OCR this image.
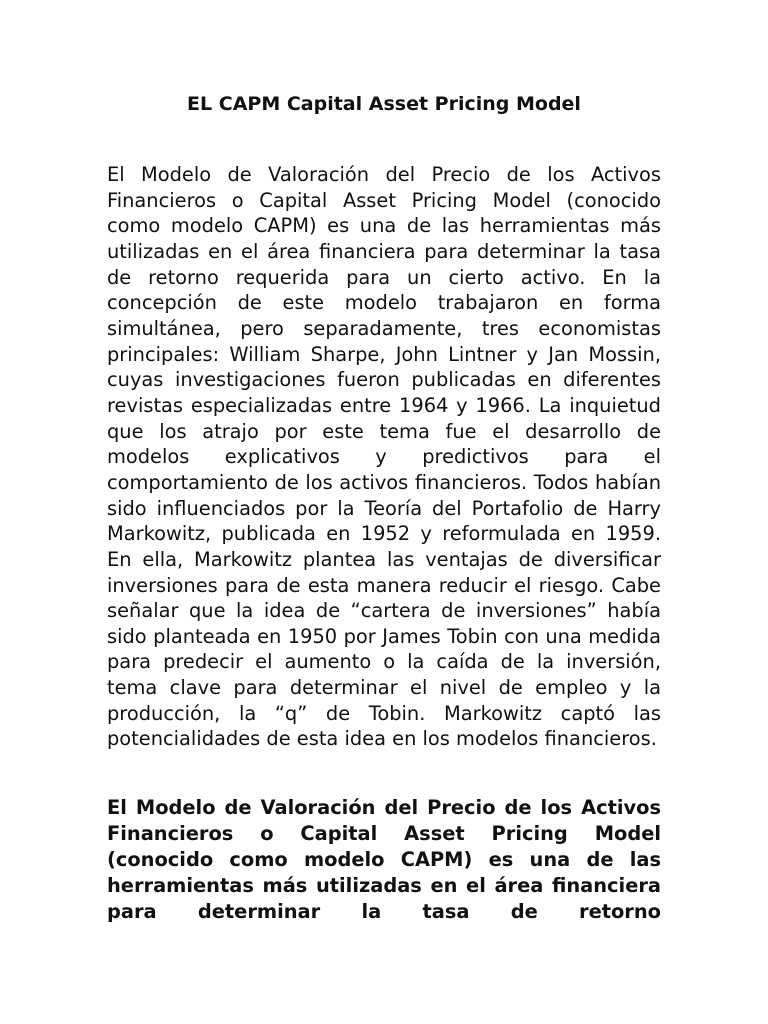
EL CAPM Capital Asset Pricing Model

El Modelo de Valoración del Precio de los Activos Financieros o Capital Asset Pricing Model (conocido como modelo CAPM) es una de las herramientas más utilizadas en el área financiera para determinar la tasa de retorno requerida para un cierto activo. En la concepción de este modelo trabajaron en forma simultánea, pero separadamente, tres economistas principales: William Sharpe, John Lintner y Jan Mossin, cuyas investigaciones fueron publicadas en diferentes revistas especializadas entre 1964 y 1966. La inquietud que los atrajo por este tema fue el desarrollo de modelos explicativos y predictivos para el comportamiento de los activos financieros. Todos habían sido influenciados por la Teoría del Portafolio de Harry Markowitz, publicada en 1952 y reformulada en 1959. En ella, Markowitz plantea las ventajas de diversificar inversiones para de esta manera reducir el riesgo. Cabe señalar que la idea de “cartera de inversiones” había sido planteada en 1950 por James Tobin con una medida para predecir el aumento o la caída de la inversión, tema clave para determinar el nivel de empleo y la producción, la “q” de Tobin. Markowitz captó las potencialidades de esta idea en los modelos financieros.

El Modelo de Valoración del Precio de los Activos Financieros o Capital Asset Pricing Model (conocido como modelo CAPM) es una de las herramientas más utilizadas en el área financiera para determinar la tasa de retorno
